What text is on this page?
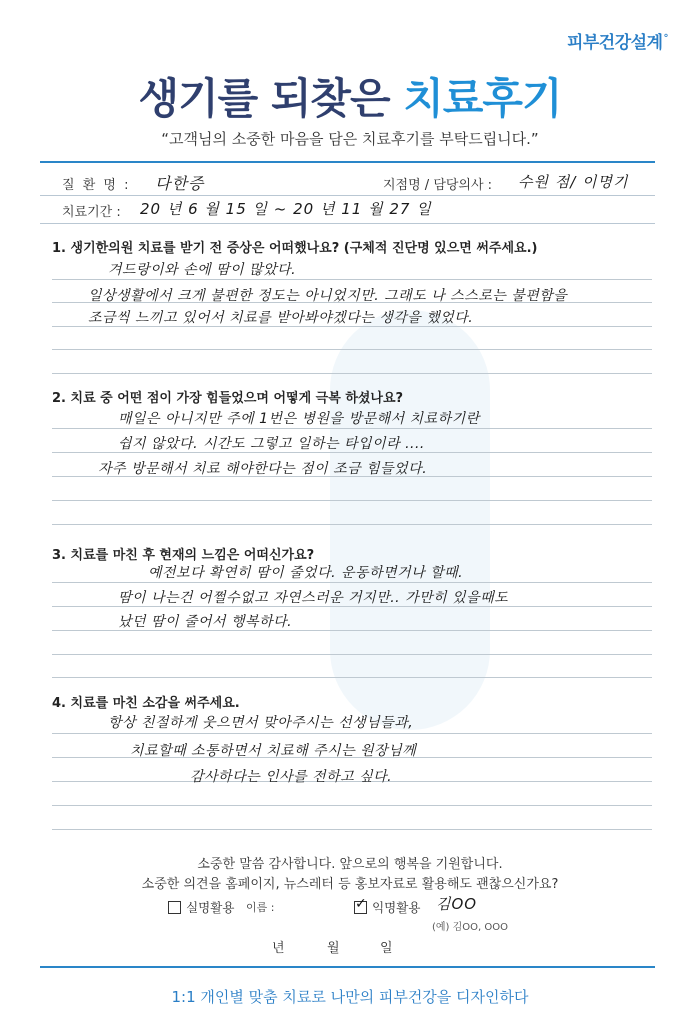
피부건강설계°
생기를 되찾은 치료후기
“고객님의 소중한 마음을 담은 치료후기를 부탁드립니다.”
질 환 명 : 다한증	지점명 / 담당의사 : 수원 점/ 이명기
치료기간 : 20 년 6 월 15 일 ~ 20 년 11 월 27 일
1. 생기한의원 치료를 받기 전 증상은 어떠했나요? (구체적 진단명 있으면 써주세요.)
겨드랑이와 손에 땀이 많았다.
일상생활에서 크게 불편한 정도는 아니었지만. 그래도 나 스스로는 불편함을
조금씩 느끼고 있어서 치료를 받아봐야겠다는 생각을 했었다.
2. 치료 중 어떤 점이 가장 힘들었으며 어떻게 극복 하셨나요?
매일은 아니지만 주에 1번은 병원을 방문해서 치료하기란
쉽지 않았다. 시간도 그렇고 일하는 타입이라 ....
자주 방문해서 치료 해야한다는 점이 조금 힘들었다.
3. 치료를 마친 후 현재의 느낌은 어떠신가요?
예전보다 확연히 땀이 줄었다. 운동하면거나 할때.
땀이 나는건 어쩔수없고 자연스러운 거지만.. 가만히 있을때도
났던 땀이 줄어서 행복하다.
4. 치료를 마친 소감을 써주세요.
항상 친절하게 웃으면서 맞아주시는 선생님들과,
치료할때 소통하면서 치료해 주시는 원장님께
감사하다는 인사를 전하고 싶다.
소중한 말씀 감사합니다. 앞으로의 행복을 기원합니다.
소중한 의견을 홈페이지, 뉴스레터 등 홍보자료로 활용해도 괜찮으신가요?
실명활용 이름 :	✓ 익명활용 김OO
(예) 김OO, OOO
년	월	일
1:1 개인별 맞춤 치료로 나만의 피부건강을 디자인하다
